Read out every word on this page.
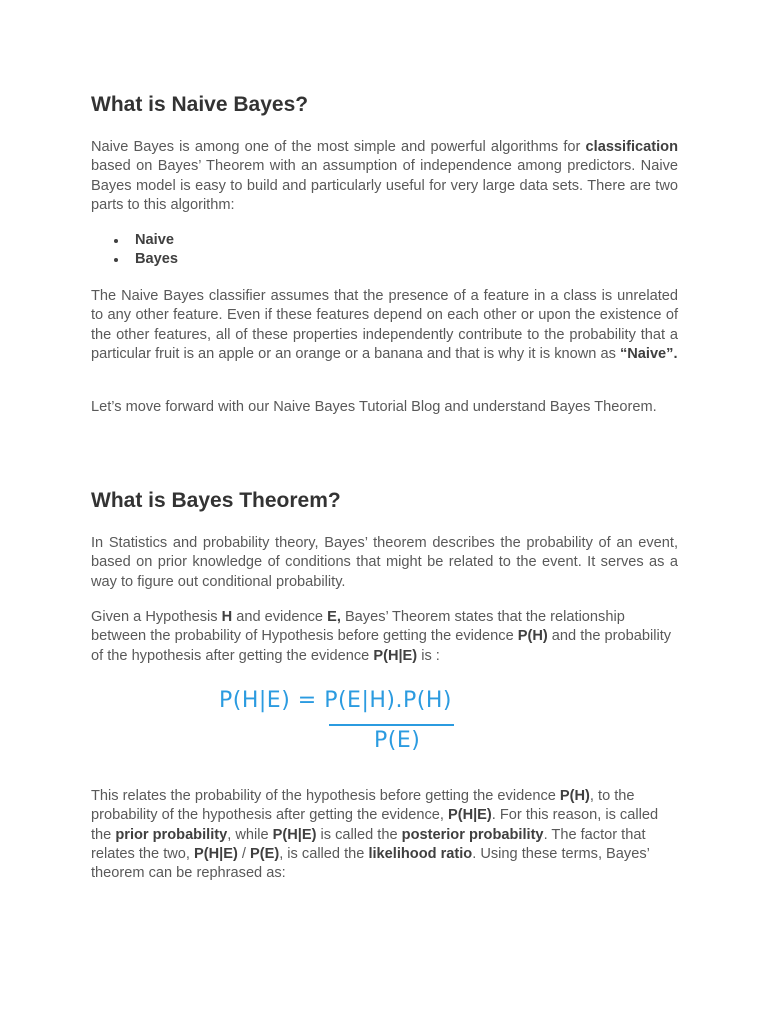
What is Naive Bayes?

Naive Bayes is among one of the most simple and powerful algorithms for classification based on Bayes’ Theorem with an assumption of independence among predictors. Naive Bayes model is easy to build and particularly useful for very large data sets. There are two parts to this algorithm:

Naive
Bayes

The Naive Bayes classifier assumes that the presence of a feature in a class is unrelated to any other feature. Even if these features depend on each other or upon the existence of the other features, all of these properties independently contribute to the probability that a particular fruit is an apple or an orange or a banana and that is why it is known as “Naive”.

Let’s move forward with our Naive Bayes Tutorial Blog and understand Bayes Theorem.

What is Bayes Theorem?

In Statistics and probability theory, Bayes’ theorem describes the probability of an event, based on prior knowledge of conditions that might be related to the event. It serves as a way to figure out conditional probability.

Given a Hypothesis H and evidence E, Bayes’ Theorem states that the relationship between the probability of Hypothesis before getting the evidence P(H) and the probability of the hypothesis after getting the evidence P(H|E) is :

P(H|E) = P(E|H).P(H)
P(E)

This relates the probability of the hypothesis before getting the evidence P(H), to the probability of the hypothesis after getting the evidence, P(H|E). For this reason, is called the prior probability, while P(H|E) is called the posterior probability. The factor that relates the two, P(H|E) / P(E), is called the likelihood ratio. Using these terms, Bayes’ theorem can be rephrased as:
